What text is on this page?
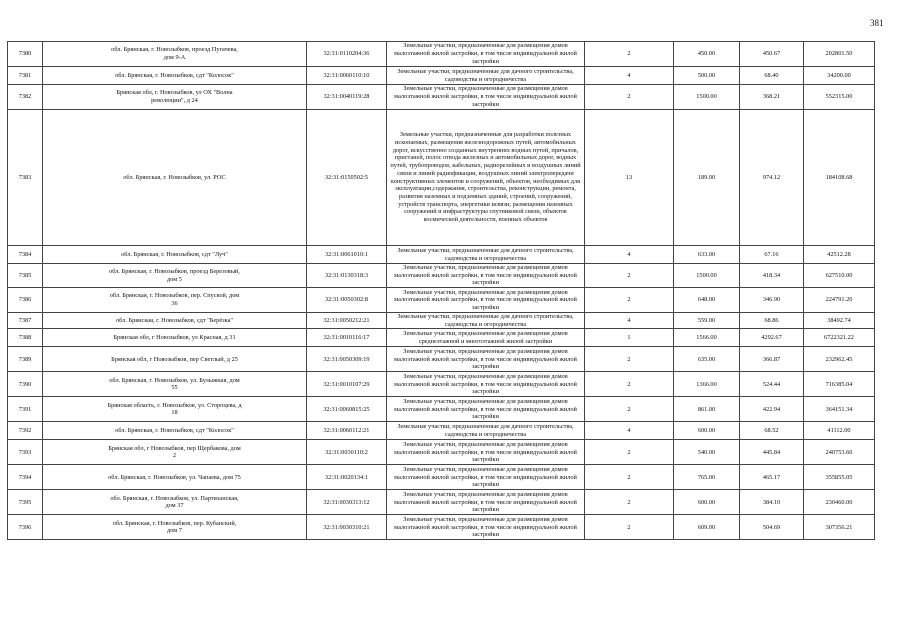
381
7380	обл. Брянская, г. Новозыбков, проезд Пугачева, дом 9-А	32:31:0110204:36	Земельные участки, предназначенные для размещения домов малоэтажной жилой застройки, в том числе индивидуальной жилой застройки	2	450.00	450.67	202801.50
7381	обл. Брянская, г. Новозыбков, сдт "Колосок"	32:31:0060110:10	Земельные участки, предназначенные для дачного строительства, садоводства и огородничества	4	500.00	68.40	34200.00
7382	Брянская обл, г. Новозыбков, ул ОХ "Волна революции", д 24	32:31:0040119:28	Земельные участки, предназначенные для размещения домов малоэтажной жилой застройки, в том числе индивидуальной жилой застройки	2	1500.00	368.21	552315.00
7383	обл. Брянская, г. Новозыбков, ул. РОС	32:31:0150502:5	Земельные участки, предназначенные для разработки полезных ископаемых, размещения железнодорожных путей, автомобильных дорог, искусственно созданных внутренних водных путей, причалов, пристаней, полос отвода железных и автомобильных дорог, водных путей, трубопроводов, кабельных, радиорелейных и воздушных линий связи и линий радиофикации, воздушных линий электропередачи конструктивных элементов и сооружений, объектов, необходимых для эксплуатации,содержания, строительства, реконструкции, ремонта, развития наземных и подземных зданий, строений, сооружений, устройств транспорта, энергетики исвязи; размещения наземных сооружений и инфраструктуры спутниковой связи, объектов космической деятельности, военных объектов	13	189.00	974.12	184108.68
7384	обл. Брянская, г. Новозыбков, сдт "Луч"	32:31:0061010:1	Земельные участки, предназначенные для дачного строительства, садоводства и огородничества	4	633.00	67.16	42512.28
7385	обл. Брянская, г. Новозыбков, проезд Березовый, дом 5	32:31:0130318:3	Земельные участки, предназначенные для размещения домов малоэтажной жилой застройки, в том числе индивидуальной жилой застройки	2	1500.00	418.34	627510.00
7386	обл. Брянская, г. Новозыбков, пер. Спуской, дом 36	32:31:0050302:8	Земельные участки, предназначенные для размещения домов малоэтажной жилой застройки, в том числе индивидуальной жилой застройки	2	648.00	346.90	224791.20
7387	обл. Брянская, г. Новозыбков, сдт "Берёзка"	32:31:0050212:21	Земельные участки, предназначенные для дачного строительства, садоводства и огородничества	4	559.00	68.86	38492.74
7388	Брянская обл, г Новозыбков, ул Красная, д 31	32:31:0010116:17	Земельные участки, предназначенные для размещения домов среднеэтажной и многоэтажной жилой застройки	1	1566.00	4292.67	6722321.22
7389	Брянская обл, г Новозыбков, пер Светлый, д 25	32:31:0050309:19	Земельные участки, предназначенные для размещения домов малоэтажной жилой застройки, в том числе индивидуальной жилой застройки	2	635.00	366.87	232962.45
7390	обл. Брянская, г. Новозыбков, ул. Булыжная, дом 55	32:31:0010107:29	Земельные участки, предназначенные для размещения домов малоэтажной жилой застройки, в том числе индивидуальной жилой застройки	2	1366.00	524.44	716385.04
7391	Брянская область, г. Новозыбков, ул. Стороцева, д 18	32:31:0060815:25	Земельные участки, предназначенные для размещения домов малоэтажной жилой застройки, в том числе индивидуальной жилой застройки	2	861.00	422.94	364151.34
7392	обл. Брянская, г. Новозыбков, сдт "Колосок"	32:31:0060112:21	Земельные участки, предназначенные для дачного строительства, садоводства и огородничества	4	600.00	68.52	41112.00
7393	Брянская обл, г Новозыбков, пер Щербакова, дом 2	32:31:0030110:2	Земельные участки, предназначенные для размещения домов малоэтажной жилой застройки, в том числе индивидуальной жилой застройки	2	540.00	445.84	240753.60
7394	обл. Брянская, г. Новозыбков, ул. Чапаева, дом 75	32:31:0020134:1	Земельные участки, предназначенные для размещения домов малоэтажной жилой застройки, в том числе индивидуальной жилой застройки	2	765.00	465.17	355855.05
7395	обл. Брянская, г. Новозыбков, ул. Партизанская, дом 37	32:31:0030313:12	Земельные участки, предназначенные для размещения домов малоэтажной жилой застройки, в том числе индивидуальной жилой застройки	2	600.00	384.10	230460.00
7396	обл. Брянская, г. Новозыбков, пер. Кубанский, дом 7	32:31:0030310:21	Земельные участки, предназначенные для размещения домов малоэтажной жилой застройки, в том числе индивидуальной жилой застройки	2	609.00	504.69	307356.21
